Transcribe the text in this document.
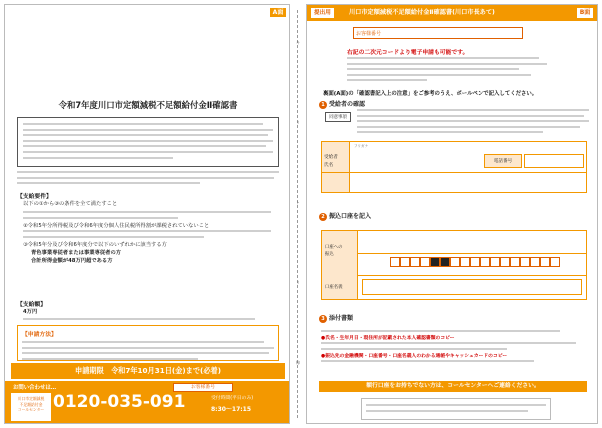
A面
令和7年度川口市定額減税不足額給付金Ⅱ確認書
【支給要件】
以下の①から③の条件を全て満たすこと
②令和5年分所得税及び令和6年度分個人住民税所得割が課税されていないこと
③令和5年分及び令和6年度分で以下のいずれかに該当する方
青色事業専従者または事業専従者の方
合計所得金額が48万円超である方
【支給額】
4万円
【申請方法】
申請期限　令和7年10月31日(金)まで(必着)
お問い合わせは…	お客様番号
川口市定額減税
不足額給付金
コールセンター 0120-035-091	受付時間(平日のみ)
8:30〜17:15
キ
リ
ト
リ
線
提出用	川口市定額減税不足額給付金Ⅱ確認書(川口市長あて)	B面
お客様番号
右記の二次元コードより電子申請も可能です。
裏面(A面)の「確認書記入上の注意」をご参考のうえ、ボールペンで記入してください。
1 受給者の確認
同意事項
受給者
氏名
フリガナ
電話番号
2 振込口座を記入
口座への
振込
口座名義
3 添付書類
●氏名・生年月日・現住所が記載された本人確認書類のコピー
●振込先の金融機関・口座番号・口座名義人のわかる通帳やキャッシュカードのコピー
額行口座をお持ちでない方は、コールセンターへご連絡ください。
